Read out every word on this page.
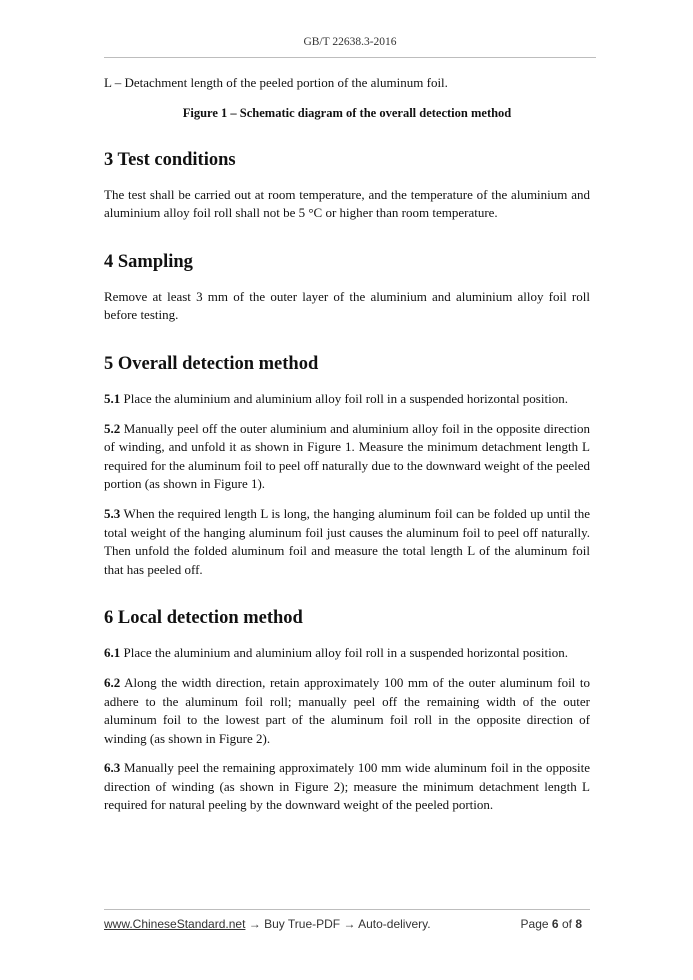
GB/T 22638.3-2016

L – Detachment length of the peeled portion of the aluminum foil.

Figure 1 – Schematic diagram of the overall detection method

3 Test conditions

The test shall be carried out at room temperature, and the temperature of the aluminium and aluminium alloy foil roll shall not be 5 °C or higher than room temperature.

4 Sampling

Remove at least 3 mm of the outer layer of the aluminium and aluminium alloy foil roll before testing.

5 Overall detection method

5.1 Place the aluminium and aluminium alloy foil roll in a suspended horizontal position.

5.2 Manually peel off the outer aluminium and aluminium alloy foil in the opposite direction of winding, and unfold it as shown in Figure 1. Measure the minimum detachment length L required for the aluminum foil to peel off naturally due to the downward weight of the peeled portion (as shown in Figure 1).

5.3 When the required length L is long, the hanging aluminum foil can be folded up until the total weight of the hanging aluminum foil just causes the aluminum foil to peel off naturally. Then unfold the folded aluminum foil and measure the total length L of the aluminum foil that has peeled off.

6 Local detection method

6.1 Place the aluminium and aluminium alloy foil roll in a suspended horizontal position.

6.2 Along the width direction, retain approximately 100 mm of the outer aluminum foil to adhere to the aluminum foil roll; manually peel off the remaining width of the outer aluminum foil to the lowest part of the aluminum foil roll in the opposite direction of winding (as shown in Figure 2).

6.3 Manually peel the remaining approximately 100 mm wide aluminum foil in the opposite direction of winding (as shown in Figure 2); measure the minimum detachment length L required for natural peeling by the downward weight of the peeled portion.

www.ChineseStandard.net → Buy True-PDF → Auto-delivery.	Page 6 of 8
